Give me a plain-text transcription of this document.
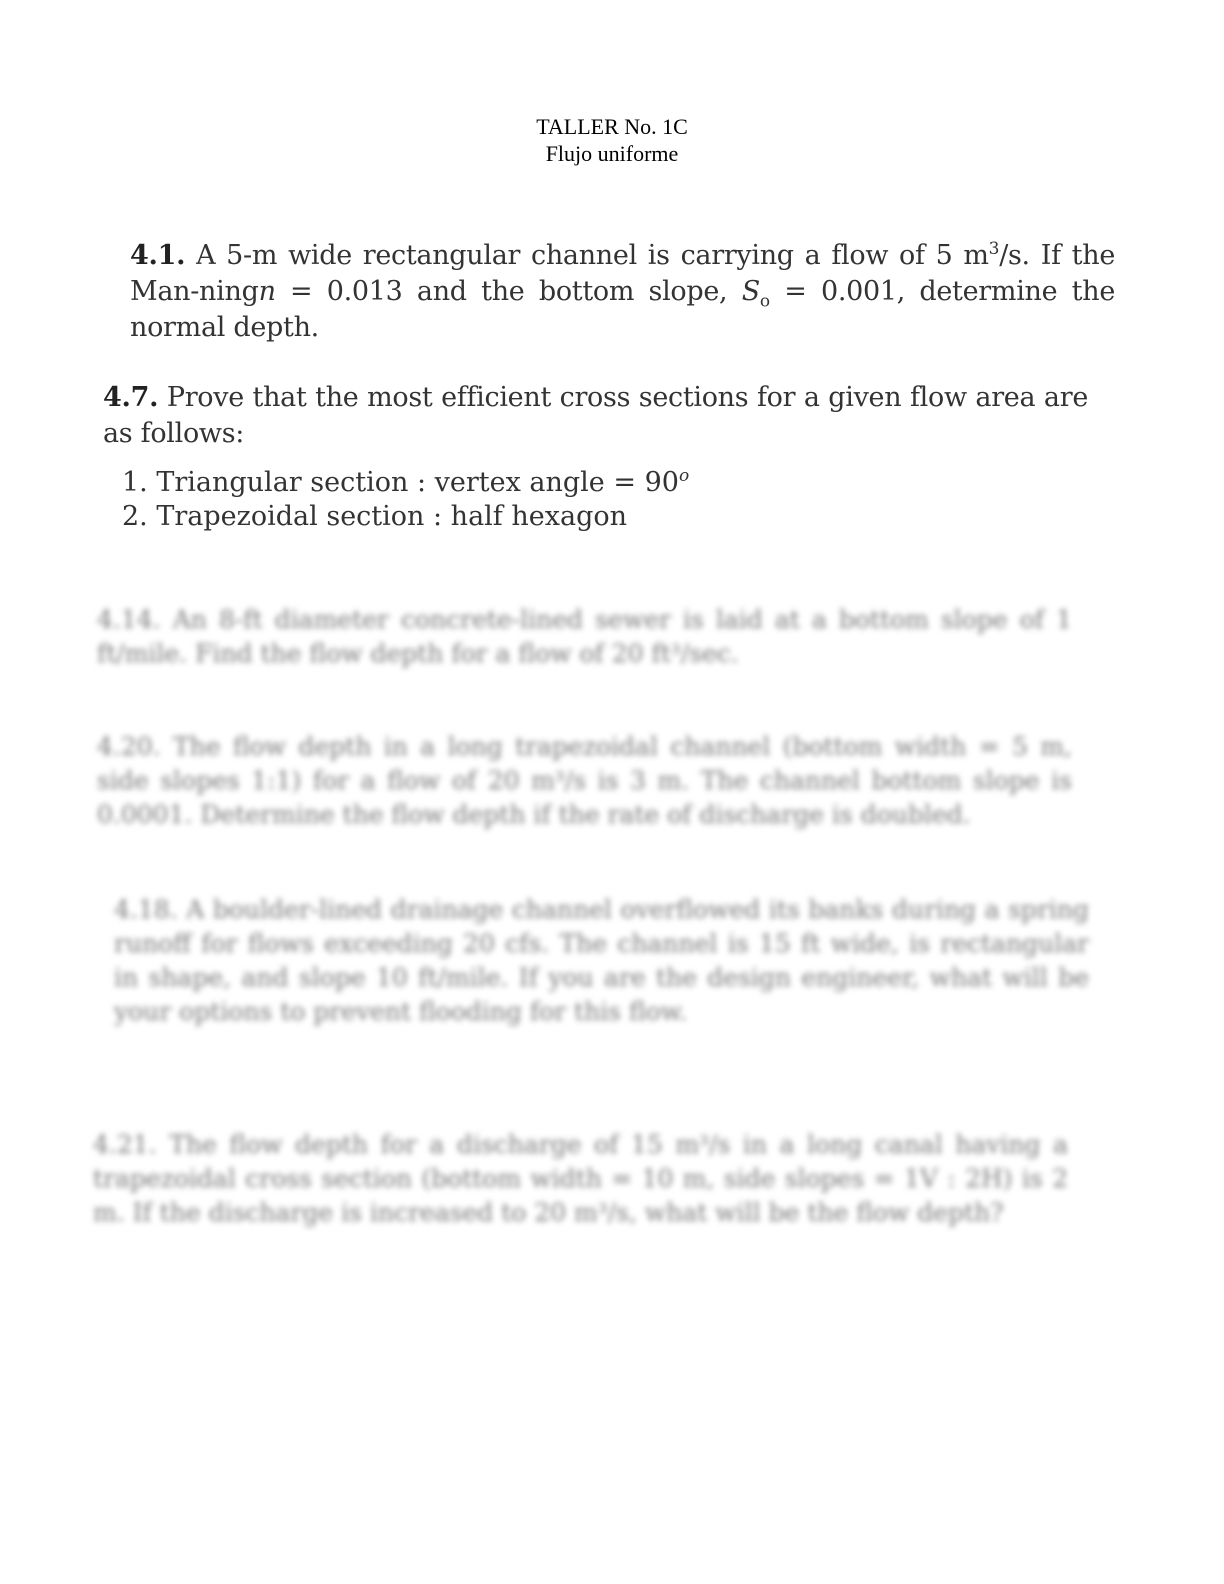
TALLER No. 1C
Flujo uniforme
4.1. A 5-m wide rectangular channel is carrying a flow of 5 $m^3/s$. If the Man-ningn = 0.013 and the bottom slope, $S_o = 0.001$, determine the normal depth.
4.7. Prove that the most efficient cross sections for a given flow area are as follows:
1. Triangular section : vertex angle = $90^o$
2. Trapezoidal section : half hexagon
4.14. An 8-ft diameter concrete-lined sewer is laid at a bottom slope of 1 ft/mile. Find the flow depth for a flow of 20 ft³/sec.
4.20. The flow depth in a long trapezoidal channel (bottom width = 5 m, side slopes 1:1) for a flow of 20 m³/s is 3 m. The channel bottom slope is 0.0001. Determine the flow depth if the rate of discharge is doubled.
4.18. A boulder-lined drainage channel overflowed its banks during a spring runoff for flows exceeding 20 cfs. The channel is 15 ft wide, is rectangular in shape, and slope 10 ft/mile. If you are the design engineer, what will be your options to prevent flooding for this flow.
4.21. The flow depth for a discharge of 15 m³/s in a long canal having a trapezoidal cross section (bottom width = 10 m, side slopes = 1V : 2H) is 2 m. If the discharge is increased to 20 m³/s, what will be the flow depth?
